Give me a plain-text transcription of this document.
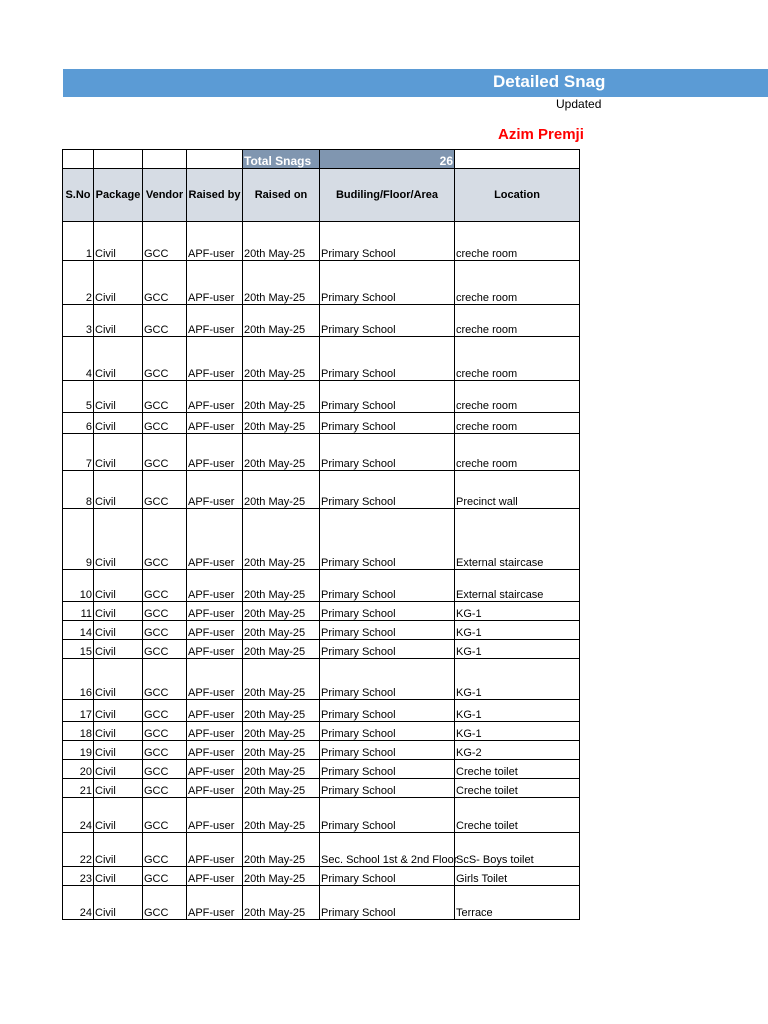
Detailed Snag
Updated
Azim Premji
				Total Snags	26	
S.No	Package	Vendor	Raised by	Raised on	Budiling/Floor/Area	Location
1	Civil	GCC	APF-user	20th May-25	Primary School	creche room
2	Civil	GCC	APF-user	20th May-25	Primary School	creche room
3	Civil	GCC	APF-user	20th May-25	Primary School	creche room
4	Civil	GCC	APF-user	20th May-25	Primary School	creche room
5	Civil	GCC	APF-user	20th May-25	Primary School	creche room
6	Civil	GCC	APF-user	20th May-25	Primary School	creche room
7	Civil	GCC	APF-user	20th May-25	Primary School	creche room
8	Civil	GCC	APF-user	20th May-25	Primary School	Precinct wall
9	Civil	GCC	APF-user	20th May-25	Primary School	External staircase
10	Civil	GCC	APF-user	20th May-25	Primary School	External staircase
11	Civil	GCC	APF-user	20th May-25	Primary School	KG-1
14	Civil	GCC	APF-user	20th May-25	Primary School	KG-1
15	Civil	GCC	APF-user	20th May-25	Primary School	KG-1
16	Civil	GCC	APF-user	20th May-25	Primary School	KG-1
17	Civil	GCC	APF-user	20th May-25	Primary School	KG-1
18	Civil	GCC	APF-user	20th May-25	Primary School	KG-1
19	Civil	GCC	APF-user	20th May-25	Primary School	KG-2
20	Civil	GCC	APF-user	20th May-25	Primary School	Creche toilet
21	Civil	GCC	APF-user	20th May-25	Primary School	Creche toilet
24	Civil	GCC	APF-user	20th May-25	Primary School	Creche toilet
22	Civil	GCC	APF-user	20th May-25	Sec. School 1st & 2nd Floor	ScS- Boys toilet
23	Civil	GCC	APF-user	20th May-25	Primary School	Girls Toilet
24	Civil	GCC	APF-user	20th May-25	Primary School	Terrace
